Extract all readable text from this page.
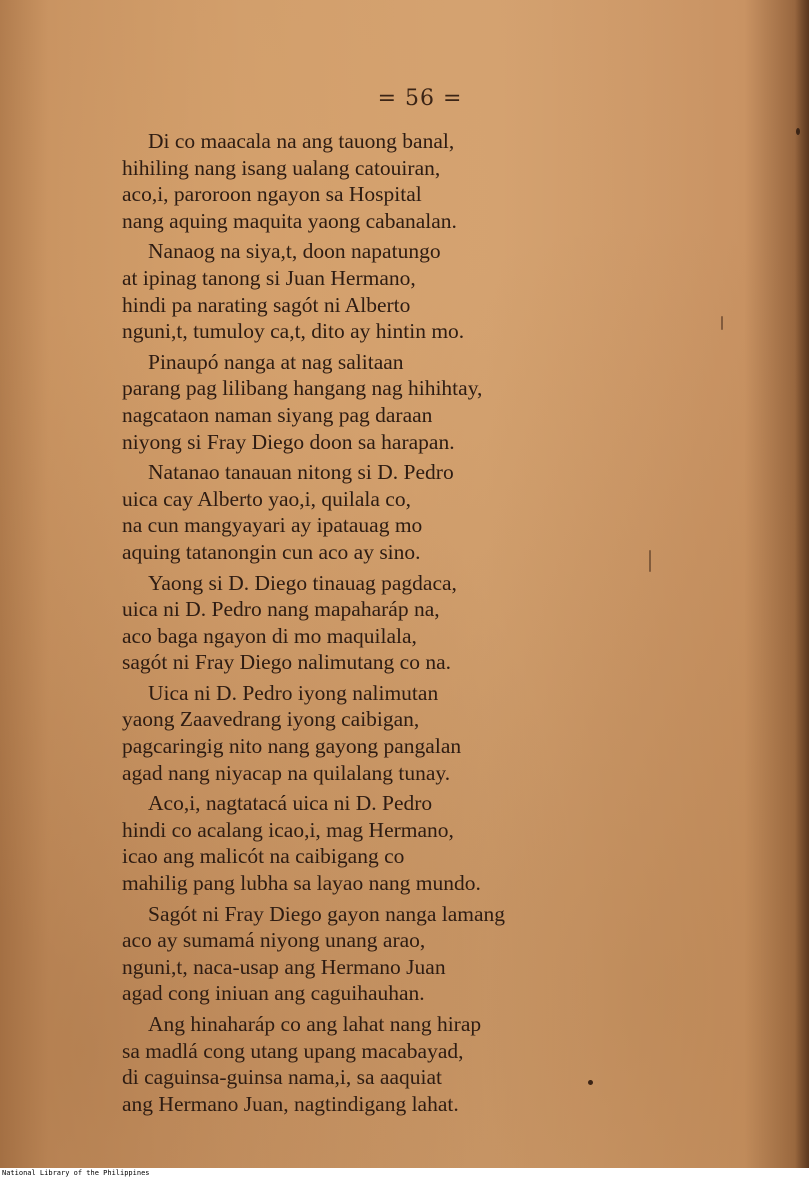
= 56 =
Di co maacala na ang tauong banal,
hihiling nang isang ualang catouiran,
aco,i, paroroon ngayon sa Hospital
nang aquing maquita yaong cabanalan.
Nanaog na siya,t, doon napatungo
at ipinag tanong si Juan Hermano,
hindi pa narating sagót ni Alberto
nguni,t, tumuloy ca,t, dito ay hintin mo.
Pinaupó nanga at nag salitaan
parang pag lilibang hangang nag hihihtay,
nagcataon naman siyang pag daraan
niyong si Fray Diego doon sa harapan.
Natanao tanauan nitong si D. Pedro
uica cay Alberto yao,i, quilala co,
na cun mangyayari ay ipatauag mo
aquing tatanongin cun aco ay sino.
Yaong si D. Diego tinauag pagdaca,
uica ni D. Pedro nang mapaharáp na,
aco baga ngayon di mo maquilala,
sagót ni Fray Diego nalimutang co na.
Uica ni D. Pedro iyong nalimutan
yaong Zaavedrang iyong caibigan,
pagcaringig nito nang gayong pangalan
agad nang niyacap na quilalang tunay.
Aco,i, nagtatacá uica ni D. Pedro
hindi co acalang icao,i, mag Hermano,
icao ang malicót na caibigang co
mahilig pang lubha sa layao nang mundo.
Sagót ni Fray Diego gayon nanga lamang
aco ay sumamá niyong unang arao,
nguni,t, naca-usap ang Hermano Juan
agad cong iniuan ang caguihauhan.
Ang hinaharáp co ang lahat nang hirap
sa madlá cong utang upang macabayad,
di caguinsa-guinsa nama,i, sa aaquiat
ang Hermano Juan, nagtindigang lahat.
National Library of the Philippines
